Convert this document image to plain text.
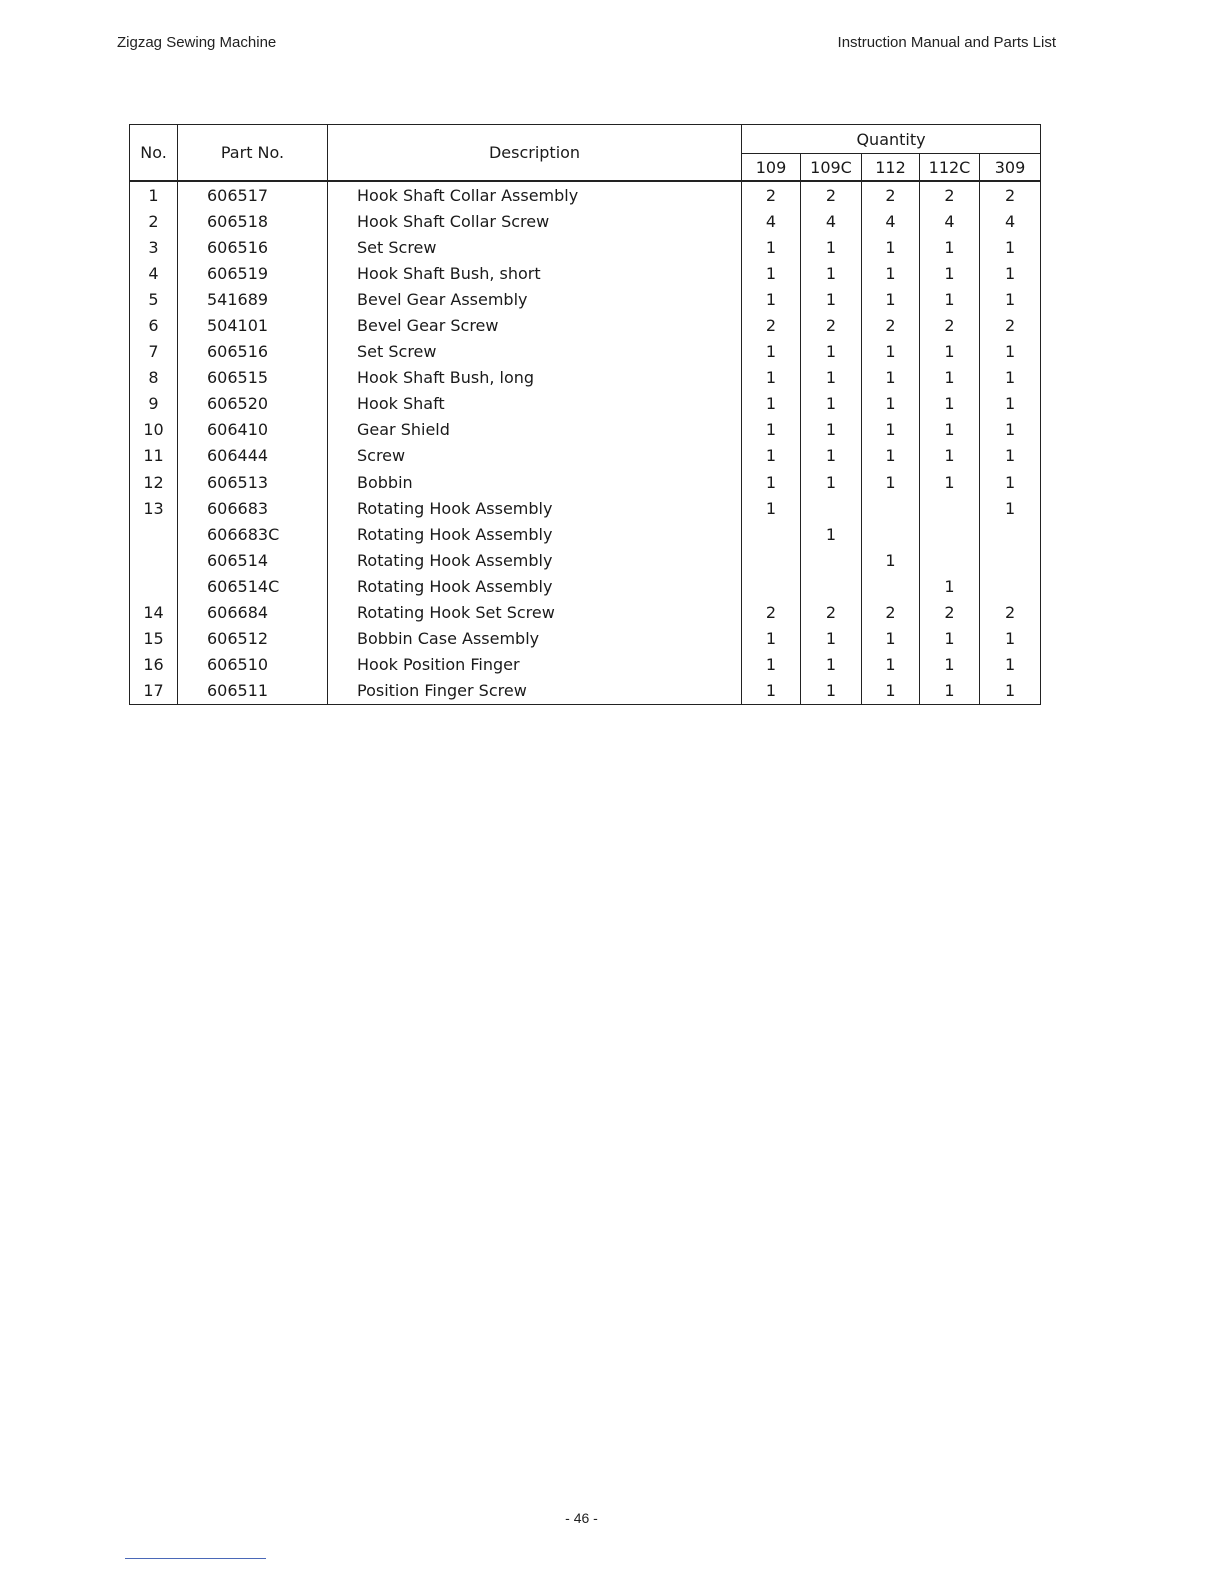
Zigzag Sewing Machine	Instruction Manual and Parts List
No.	Part No.	Description	Quantity				
			109	109C	112	112C	309
1	606517	Hook Shaft Collar Assembly	2	2	2	2	2
2	606518	Hook Shaft Collar Screw	4	4	4	4	4
3	606516	Set Screw	1	1	1	1	1
4	606519	Hook Shaft Bush, short	1	1	1	1	1
5	541689	Bevel Gear Assembly	1	1	1	1	1
6	504101	Bevel Gear Screw	2	2	2	2	2
7	606516	Set Screw	1	1	1	1	1
8	606515	Hook Shaft Bush, long	1	1	1	1	1
9	606520	Hook Shaft	1	1	1	1	1
10	606410	Gear Shield	1	1	1	1	1
11	606444	Screw	1	1	1	1	1
12	606513	Bobbin	1	1	1	1	1
13	606683	Rotating Hook Assembly	1				1
	606683C	Rotating Hook Assembly		1			
	606514	Rotating Hook Assembly			1		
	606514C	Rotating Hook Assembly				1	
14	606684	Rotating Hook Set Screw	2	2	2	2	2
15	606512	Bobbin Case Assembly	1	1	1	1	1
16	606510	Hook Position Finger	1	1	1	1	1
17	606511	Position Finger Screw	1	1	1	1	1
- 46 -
